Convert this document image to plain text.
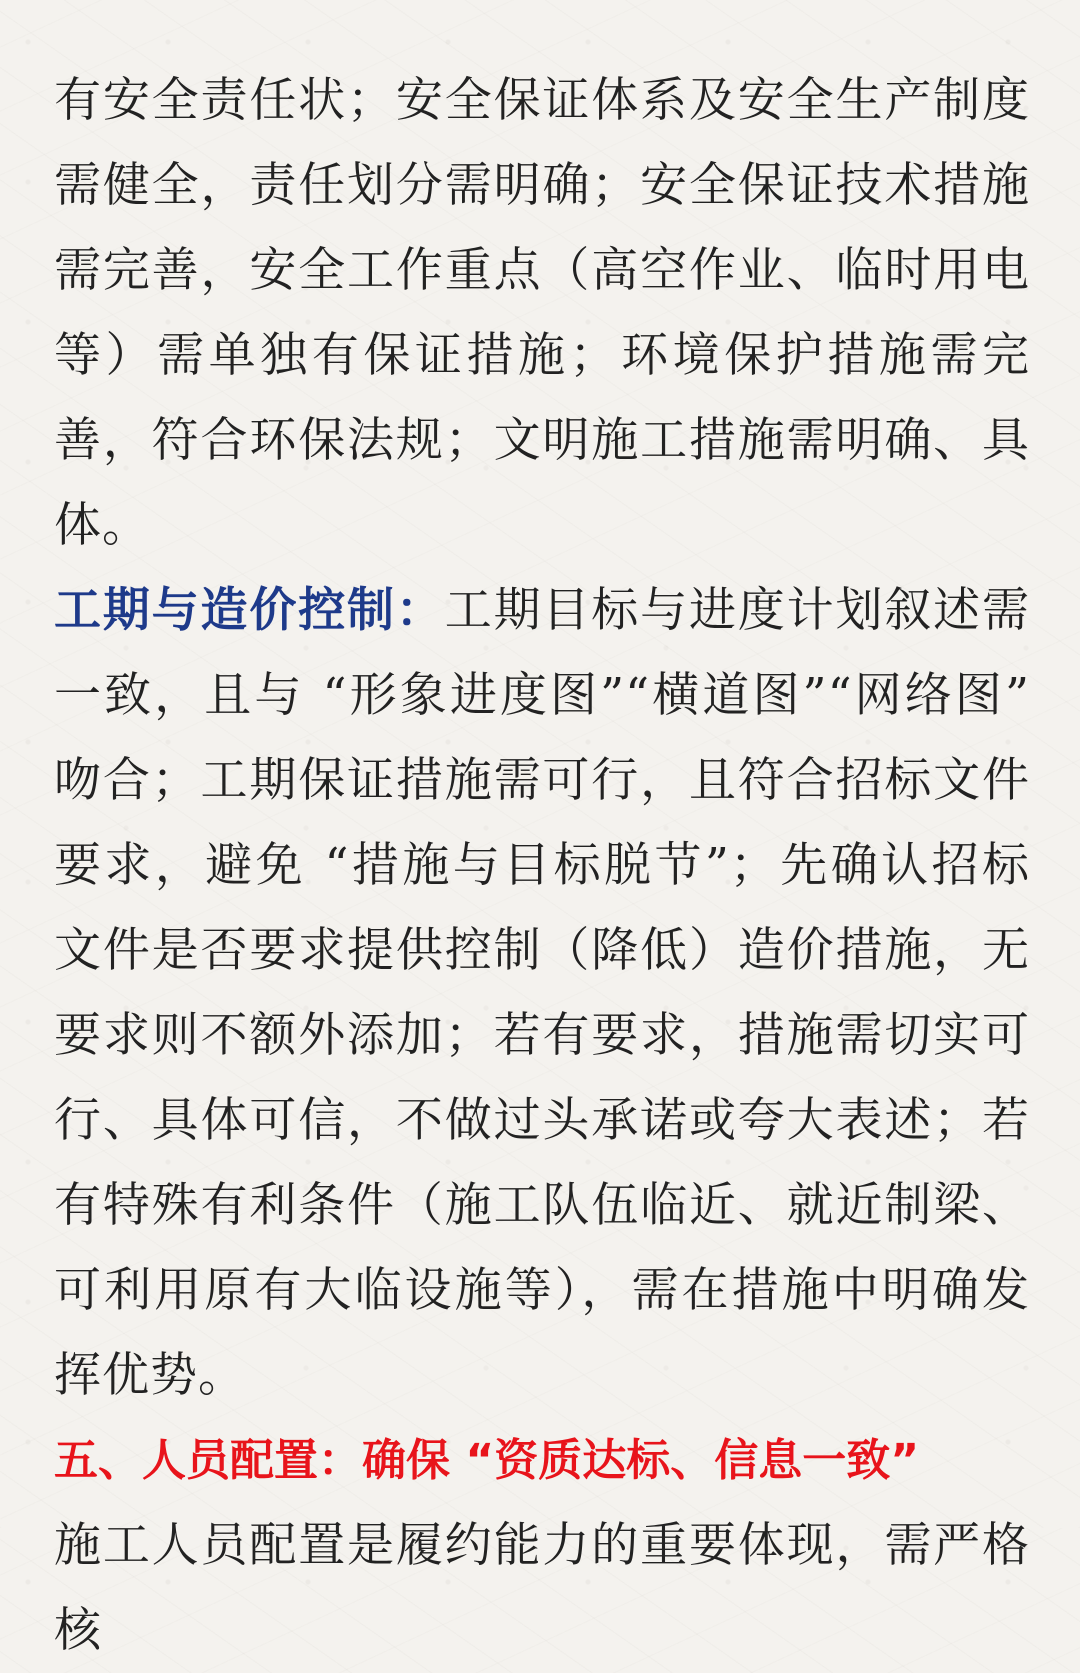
有安全责任状；安全保证体系及安全生产制度需健全，责任划分需明确；安全保证技术措施需完善，安全工作重点（高空作业、临时用电等）需单独有保证措施；环境保护措施需完善，符合环保法规；文明施工措施需明确、具体。

工期与造价控制：工期目标与进度计划叙述需一致，且与 “形象进度图”“横道图”“网络图” 吻合；工期保证措施需可行，且符合招标文件要求，避免 “措施与目标脱节”；先确认招标文件是否要求提供控制（降低）造价措施，无要求则不额外添加；若有要求，措施需切实可行、具体可信，不做过头承诺或夸大表述；若有特殊有利条件（施工队伍临近、就近制梁、可利用原有大临设施等），需在措施中明确发挥优势。

五、人员配置：确保 “资质达标、信息一致”

施工人员配置是履约能力的重要体现，需严格核
